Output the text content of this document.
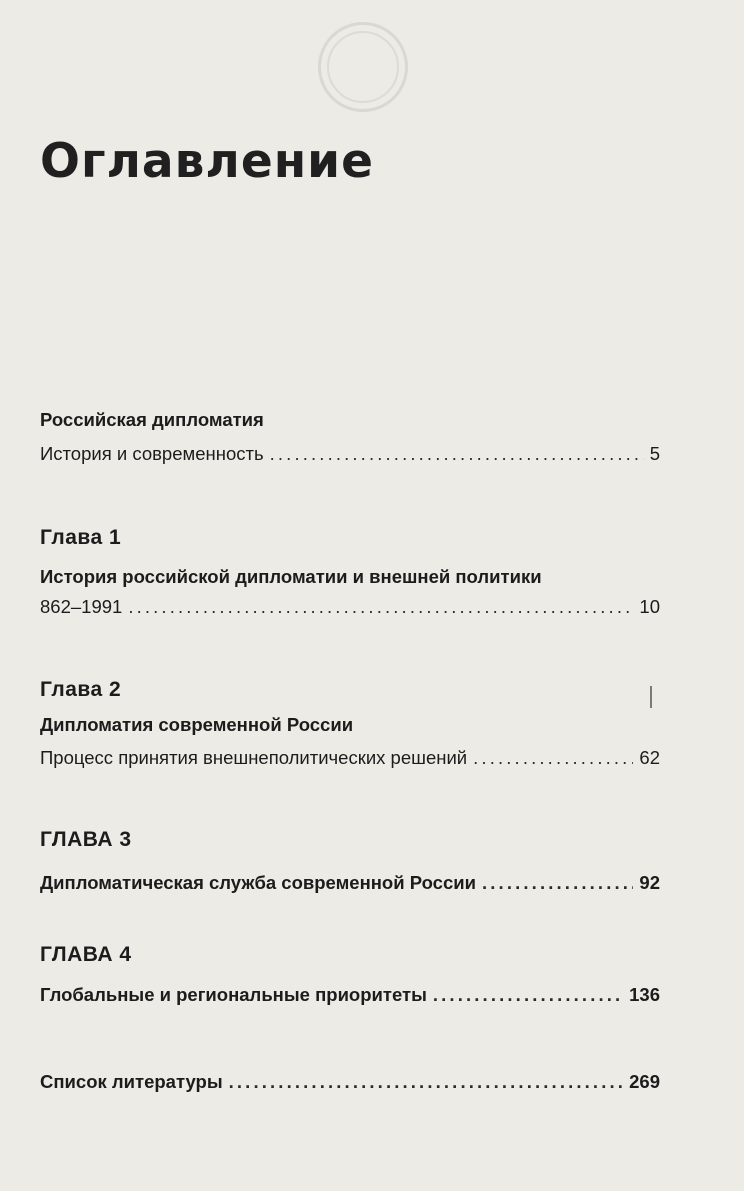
Оглавление
Российская дипломатия
История и современность . . .	5
Глава 1
История российской дипломатии и внешней политики
862–1991 . . .	10
Глава 2
Дипломатия современной России
Процесс принятия внешнеполитических решений . . .	62
ГЛАВА 3
Дипломатическая служба современной России . . .	92
ГЛАВА 4
Глобальные и региональные приоритеты . . .	136
Список литературы . . .	269
